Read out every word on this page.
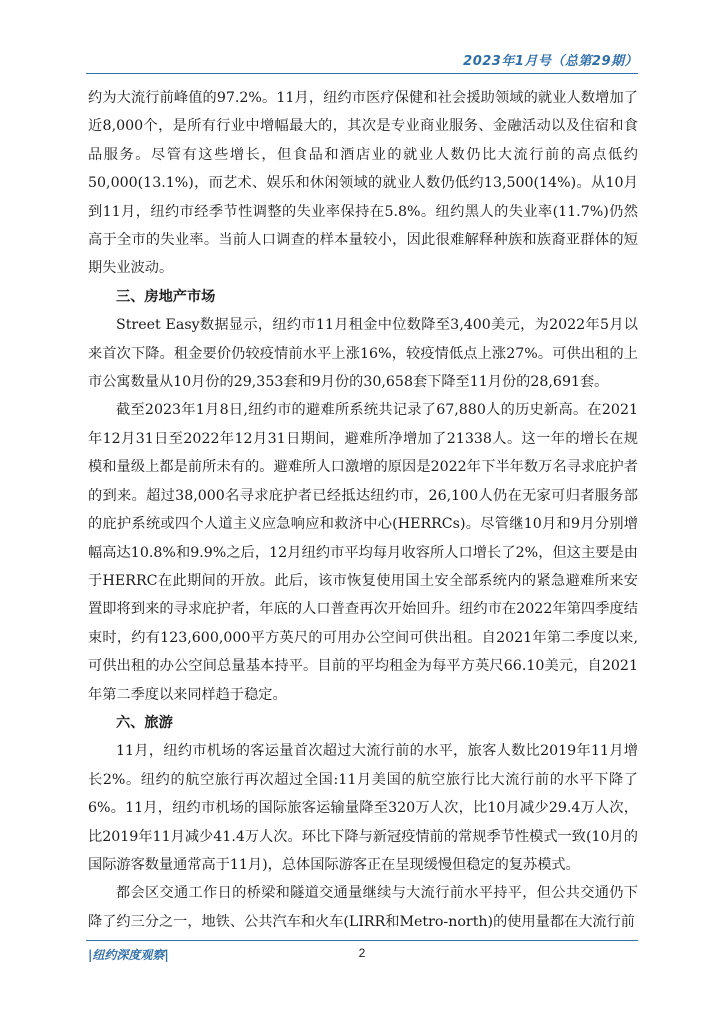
2023年1月号（总第29期）

约为大流行前峰值的97.2%。11月，纽约市医疗保健和社会援助领域的就业人数增加了近8,000个，是所有行业中增幅最大的，其次是专业商业服务、金融活动以及住宿和食品服务。尽管有这些增长，但食品和酒店业的就业人数仍比大流行前的高点低约50,000(13.1%)，而艺术、娱乐和休闲领域的就业人数仍低约13,500(14%)。从10月到11月，纽约市经季节性调整的失业率保持在5.8%。纽约黑人的失业率(11.7%)仍然高于全市的失业率。当前人口调查的样本量较小，因此很难解释种族和族裔亚群体的短期失业波动。

三、房地产市场

Street Easy数据显示，纽约市11月租金中位数降至3,400美元，为2022年5月以来首次下降。租金要价仍较疫情前水平上涨16%，较疫情低点上涨27%。可供出租的上市公寓数量从10月份的29,353套和9月份的30,658套下降至11月份的28,691套。

截至2023年1月8日,纽约市的避难所系统共记录了67,880人的历史新高。在2021年12月31日至2022年12月31日期间，避难所净增加了21338人。这一年的增长在规模和量级上都是前所未有的。避难所人口激增的原因是2022年下半年数万名寻求庇护者的到来。超过38,000名寻求庇护者已经抵达纽约市，26,100人仍在无家可归者服务部的庇护系统或四个人道主义应急响应和救济中心(HERRCs)。尽管继10月和9月分别增幅高达10.8%和9.9%之后，12月纽约市平均每月收容所人口增长了2%，但这主要是由于HERRC在此期间的开放。此后，该市恢复使用国土安全部系统内的紧急避难所来安置即将到来的寻求庇护者，年底的人口普查再次开始回升。纽约市在2022年第四季度结束时，约有123,600,000平方英尺的可用办公空间可供出租。自2021年第二季度以来,可供出租的办公空间总量基本持平。目前的平均租金为每平方英尺66.10美元，自2021年第二季度以来同样趋于稳定。

六、旅游

11月，纽约市机场的客运量首次超过大流行前的水平，旅客人数比2019年11月增长2%。纽约的航空旅行再次超过全国:11月美国的航空旅行比大流行前的水平下降了6%。11月，纽约市机场的国际旅客运输量降至320万人次，比10月减少29.4万人次，比2019年11月减少41.4万人次。环比下降与新冠疫情前的常规季节性模式一致(10月的国际游客数量通常高于11月)，总体国际游客正在呈现缓慢但稳定的复苏模式。

都会区交通工作日的桥梁和隧道交通量继续与大流行前水平持平，但公共交通仍下降了约三分之一，地铁、公共汽车和火车(LIRR和Metro-north)的使用量都在大流行前

|纽约深度观察|	2
